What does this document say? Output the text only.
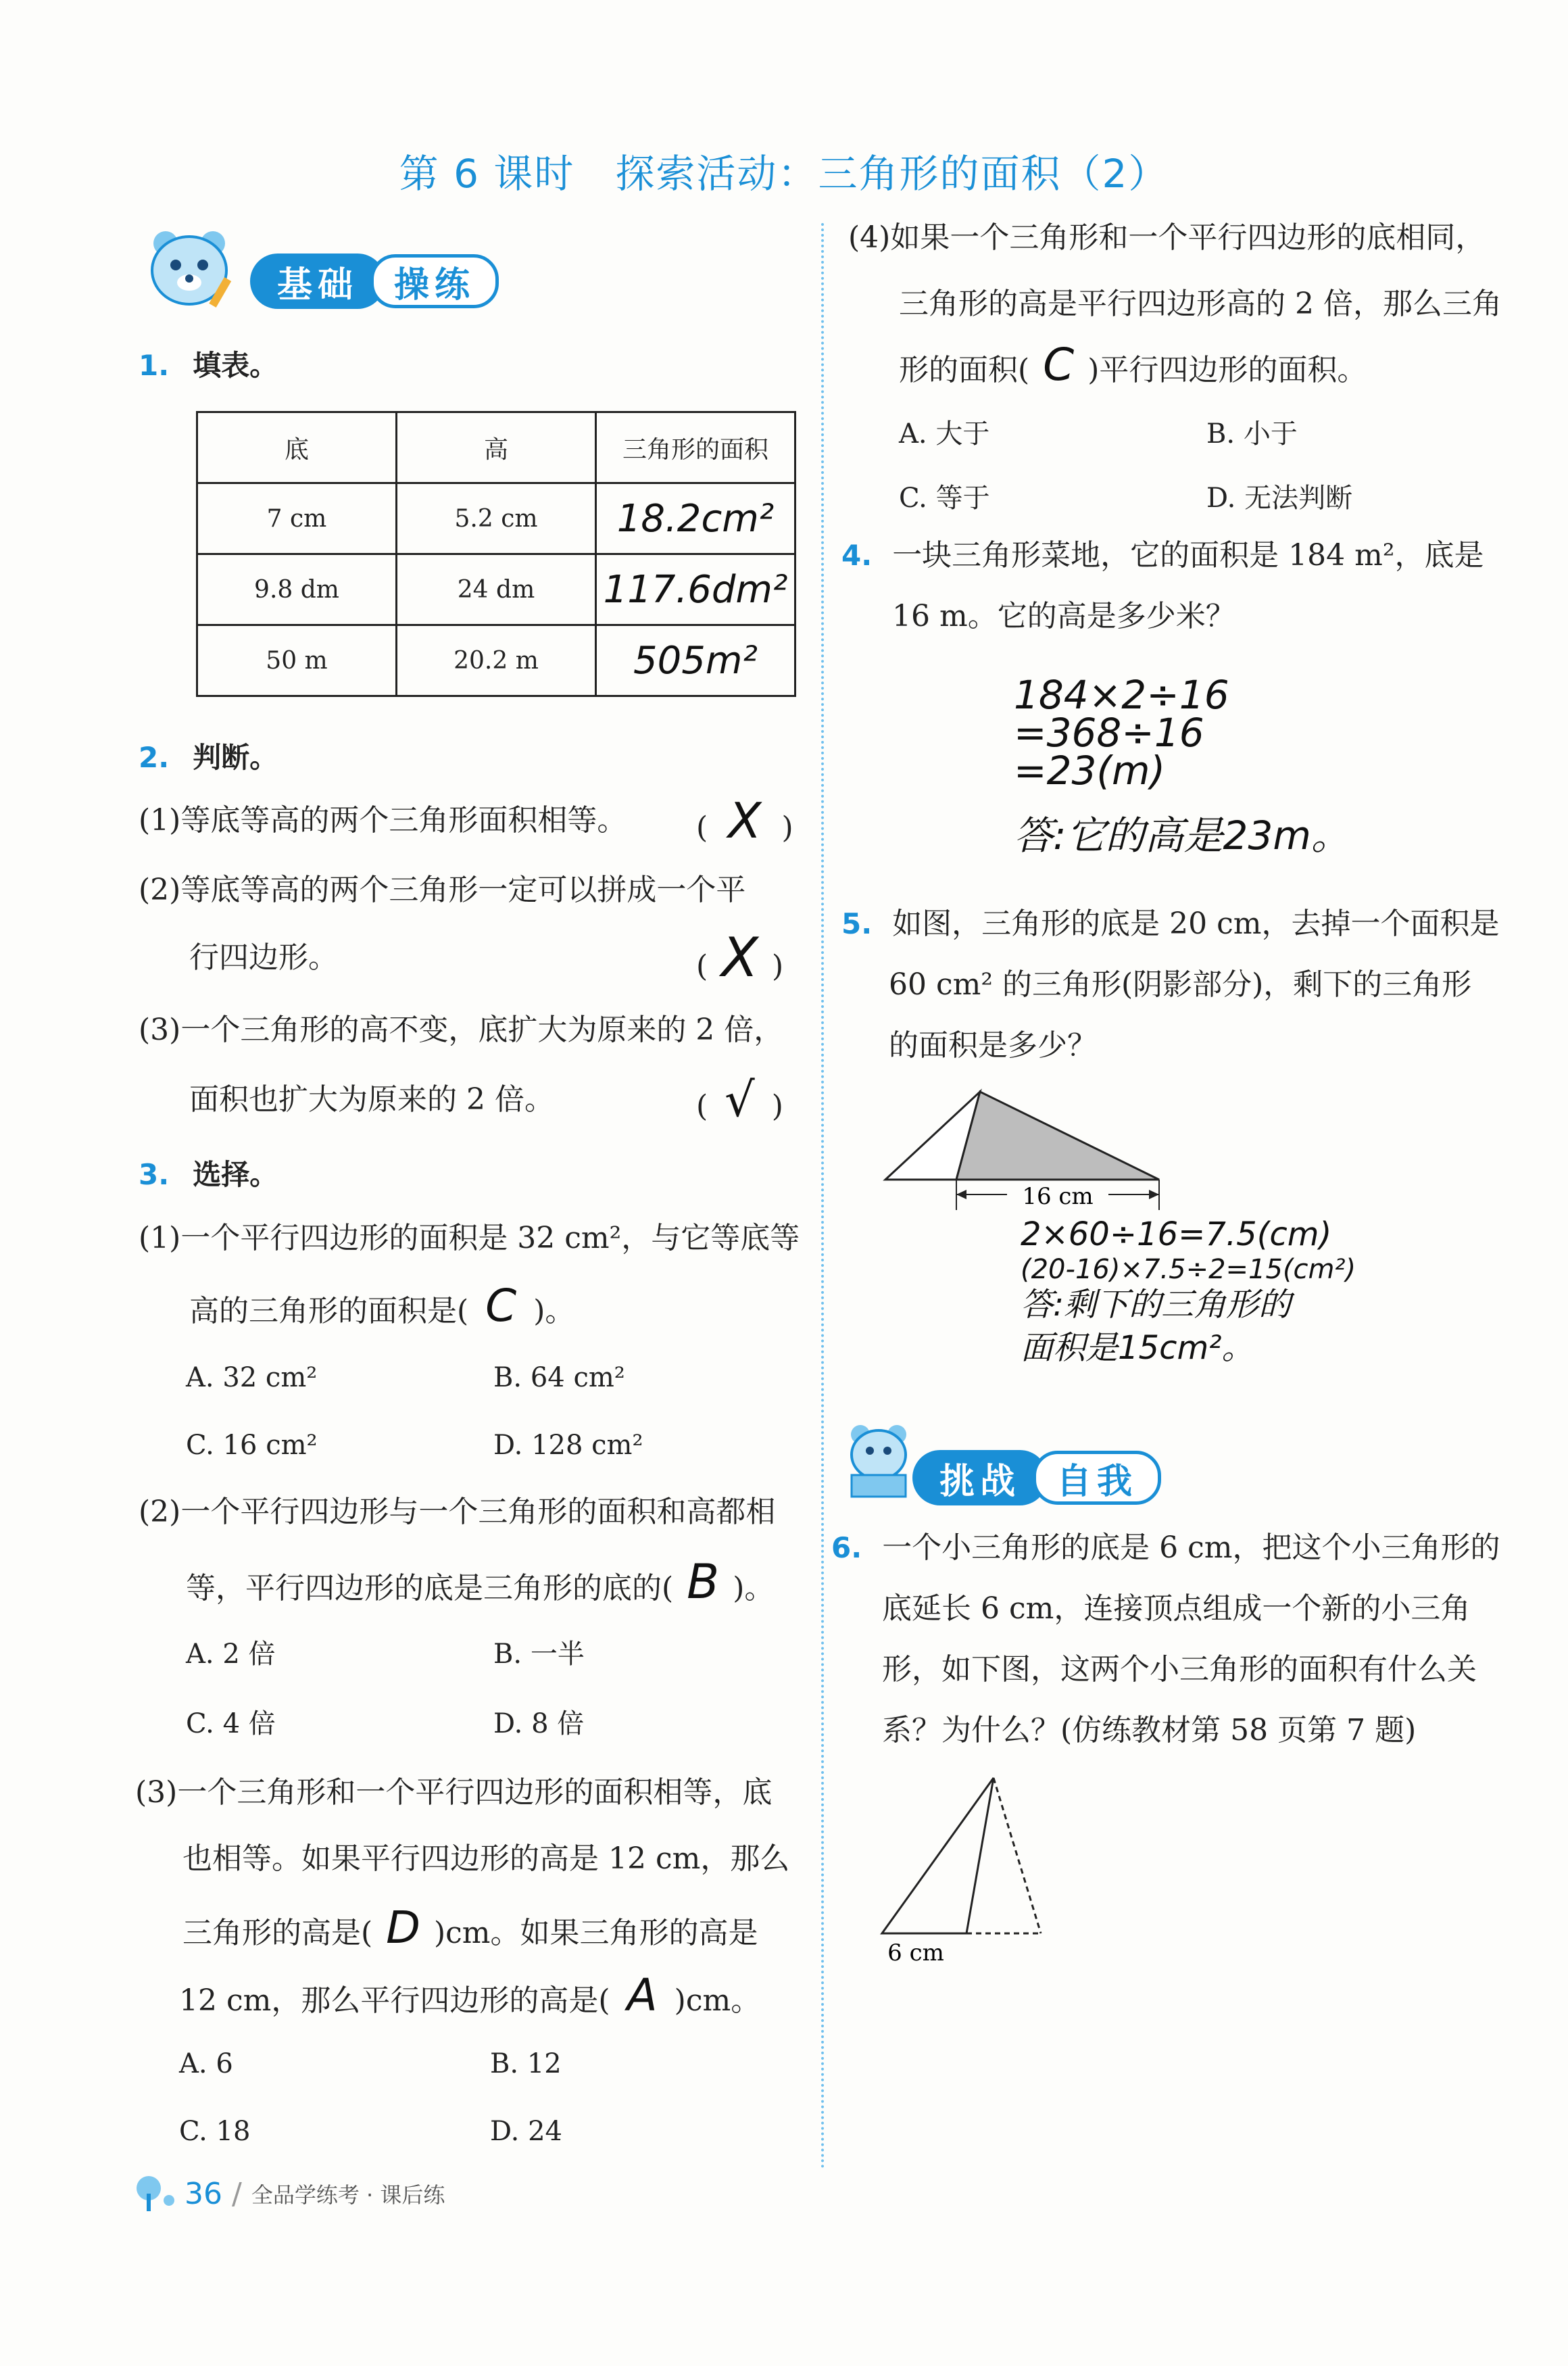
第 6 课时 探索活动：三角形的面积（2）
基础	操练
1. 填表。
底	高	三角形的面积
7 cm	5.2 cm	18.2cm²
9.8 dm	24 dm	117.6dm²
50 m	20.2 m	505m²
2. 判断。
(1)等底等高的两个三角形面积相等。 ( X )
(2)等底等高的两个三角形一定可以拼成一个平
行四边形。	( X )
(3)一个三角形的高不变，底扩大为原来的 2 倍，
面积也扩大为原来的 2 倍。	( √ )
3. 选择。
(1)一个平行四边形的面积是 32 cm²，与它等底等
高的三角形的面积是( C )。
A. 32 cm²	B. 64 cm²
C. 16 cm²	D. 128 cm²
(2)一个平行四边形与一个三角形的面积和高都相
等，平行四边形的底是三角形的底的( B )。
A. 2 倍	B. 一半
C. 4 倍	D. 8 倍
(3)一个三角形和一个平行四边形的面积相等，底
也相等。如果平行四边形的高是 12 cm，那么
三角形的高是( D )cm。如果三角形的高是
12 cm，那么平行四边形的高是( A )cm。
A. 6	B. 12
C. 18	D. 24
(4)如果一个三角形和一个平行四边形的底相同，
三角形的高是平行四边形高的 2 倍，那么三角
形的面积( C )平行四边形的面积。
A. 大于	B. 小于
C. 等于	D. 无法判断
4. 一块三角形菜地，它的面积是 184 m²，底是
16 m。它的高是多少米？
184×2÷16
=368÷16
=23(m)
答:它的高是23m。
5. 如图，三角形的底是 20 cm，去掉一个面积是
60 cm² 的三角形(阴影部分)，剩下的三角形
的面积是多少？
16 cm
2×60÷16=7.5(cm)
(20-16)×7.5÷2=15(cm²)
答:剩下的三角形的
面积是15cm²。
挑战	自我
6. 一个小三角形的底是 6 cm，把这个小三角形的
底延长 6 cm，连接顶点组成一个新的小三角
形，如下图，这两个小三角形的面积有什么关
系？为什么？(仿练教材第 58 页第 7 题)
6 cm
36 / 全品学练考 · 课后练
